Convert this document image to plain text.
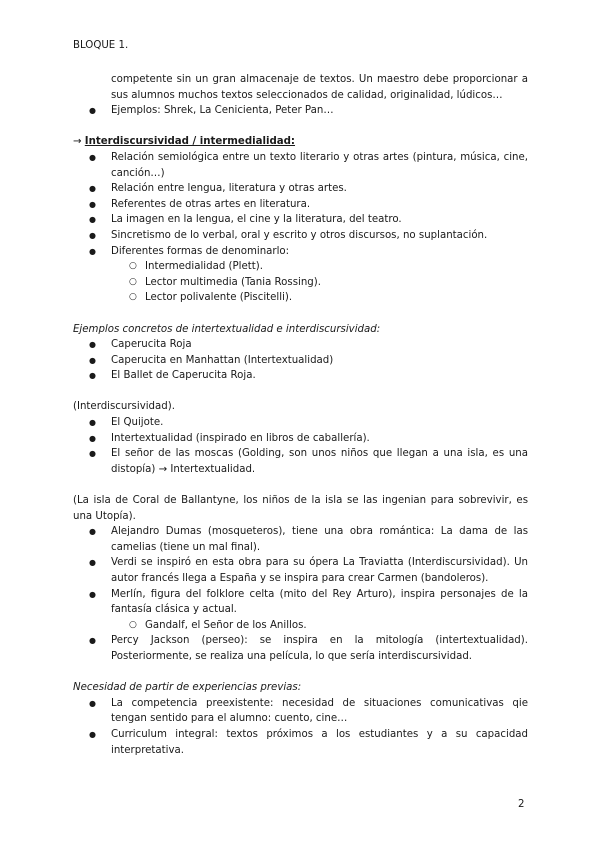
BLOQUE 1.
competente sin un gran almacenaje de textos. Un maestro debe proporcionar a sus alumnos muchos textos seleccionados de calidad, originalidad, lúdicos…
● Ejemplos: Shrek, La Cenicienta, Peter Pan…
→ Interdiscursividad / intermedialidad:
● Relación semiológica entre un texto literario y otras artes (pintura, música, cine, canción…)
● Relación entre lengua, literatura y otras artes.
● Referentes de otras artes en literatura.
● La imagen en la lengua, el cine y la literatura, del teatro.
● Sincretismo de lo verbal, oral y escrito y otros discursos, no suplantación.
● Diferentes formas de denominarlo:
○ Intermedialidad (Plett).
○ Lector multimedia (Tania Rossing).
○ Lector polivalente (Piscitelli).
Ejemplos concretos de intertextualidad e interdiscursividad:
● Caperucita Roja
● Caperucita en Manhattan (Intertextualidad)
● El Ballet de Caperucita Roja.
(Interdiscursividad).
● El Quijote.
● Intertextualidad (inspirado en libros de caballería).
● El señor de las moscas (Golding, son unos niños que llegan a una isla, es una distopía) → Intertextualidad.
(La isla de Coral de Ballantyne, los niños de la isla se las ingenian para sobrevivir, es una Utopía).
● Alejandro Dumas (mosqueteros), tiene una obra romántica: La dama de las camelias (tiene un mal final).
● Verdi se inspiró en esta obra para su ópera La Traviatta (Interdiscursividad). Un autor francés llega a España y se inspira para crear Carmen (bandoleros).
● Merlín, figura del folklore celta (mito del Rey Arturo), inspira personajes de la fantasía clásica y actual.
○ Gandalf, el Señor de los Anillos.
● Percy Jackson (perseo): se inspira en la mitología (intertextualidad). Posteriormente, se realiza una película, lo que sería interdiscursividad.
Necesidad de partir de experiencias previas:
● La competencia preexistente: necesidad de situaciones comunicativas qie tengan sentido para el alumno: cuento, cine…
● Curriculum integral: textos próximos a los estudiantes y a su capacidad interpretativa.
2
